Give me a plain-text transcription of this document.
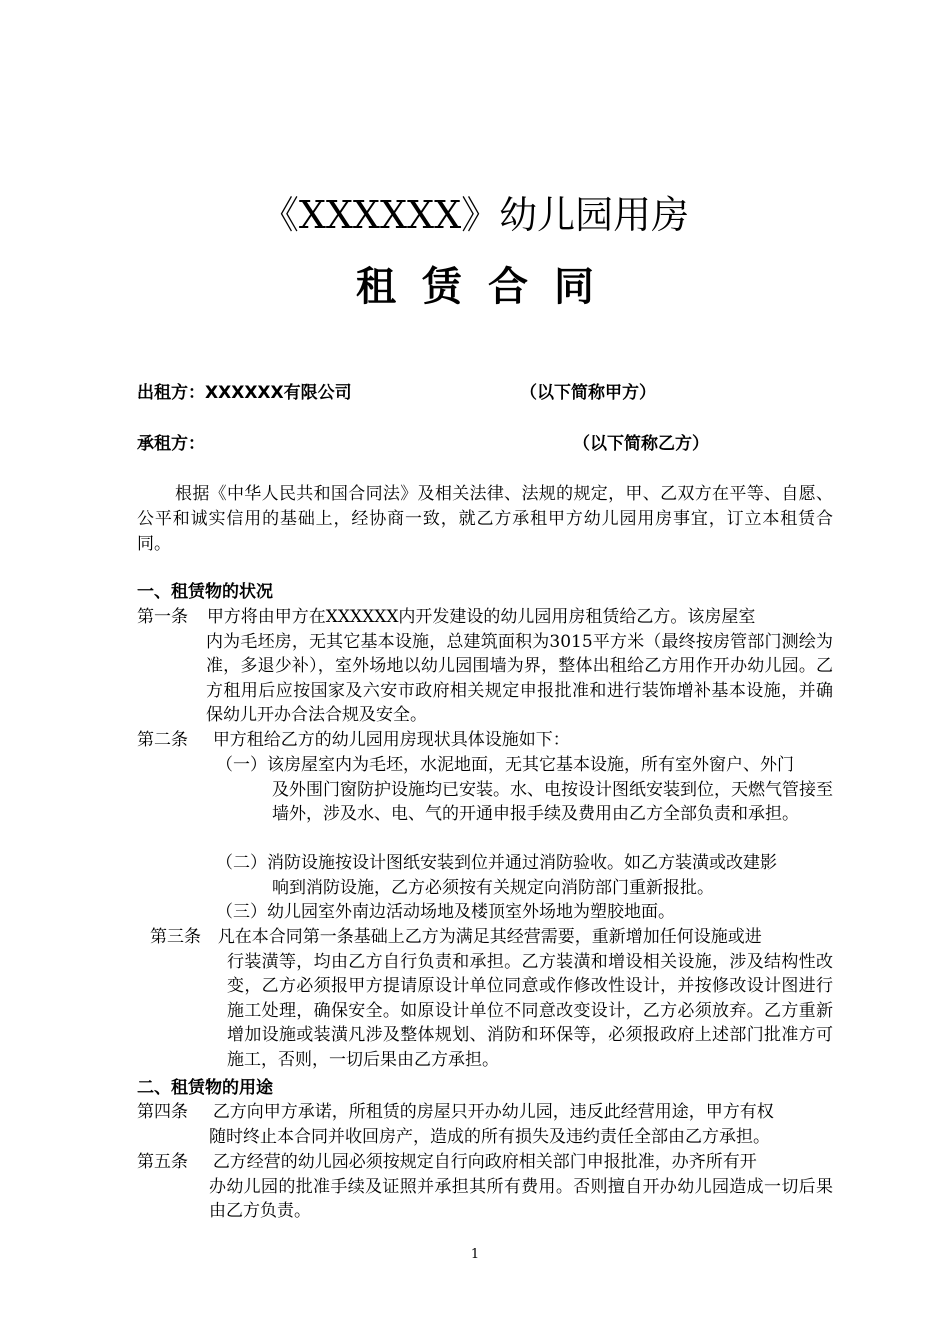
《XXXXXX》幼儿园用房
租赁合同
出租方：XXXXXX有限公司	（以下简称甲方）
承租方：	（以下简称乙方）
根据《中华人民共和国合同法》及相关法律、法规的规定，甲、乙双方在平等、自愿、公平和诚实信用的基础上，经协商一致，就乙方承租甲方幼儿园用房事宜，订立本租赁合同。
一、租赁物的状况
第一条 甲方将由甲方在XXXXXX内开发建设的幼儿园用房租赁给乙方。该房屋室
内为毛坯房，无其它基本设施，总建筑面积为3015平方米（最终按房管部门测绘为准，多退少补），室外场地以幼儿园围墙为界，整体出租给乙方用作开办幼儿园。乙方租用后应按国家及六安市政府相关规定申报批准和进行装饰增补基本设施，并确保幼儿开办合法合规及安全。
第二条 甲方租给乙方的幼儿园用房现状具体设施如下：
（一）该房屋室内为毛坯，水泥地面，无其它基本设施，所有室外窗户、外门
及外围门窗防护设施均已安装。水、电按设计图纸安装到位，天燃气管接至墙外，涉及水、电、气的开通申报手续及费用由乙方全部负责和承担。
（二）消防设施按设计图纸安装到位并通过消防验收。如乙方装潢或改建影
响到消防设施，乙方必须按有关规定向消防部门重新报批。
（三）幼儿园室外南边活动场地及楼顶室外场地为塑胶地面。
第三条 凡在本合同第一条基础上乙方为满足其经营需要，重新增加任何设施或进
行装潢等，均由乙方自行负责和承担。乙方装潢和增设相关设施，涉及结构性改变，乙方必须报甲方提请原设计单位同意或作修改性设计，并按修改设计图进行施工处理，确保安全。如原设计单位不同意改变设计，乙方必须放弃。乙方重新增加设施或装潢凡涉及整体规划、消防和环保等，必须报政府上述部门批准方可施工，否则，一切后果由乙方承担。
二、租赁物的用途
第四条 乙方向甲方承诺，所租赁的房屋只开办幼儿园，违反此经营用途，甲方有权
随时终止本合同并收回房产，造成的所有损失及违约责任全部由乙方承担。
第五条 乙方经营的幼儿园必须按规定自行向政府相关部门申报批准，办齐所有开
办幼儿园的批准手续及证照并承担其所有费用。否则擅自开办幼儿园造成一切后果由乙方负责。
1
